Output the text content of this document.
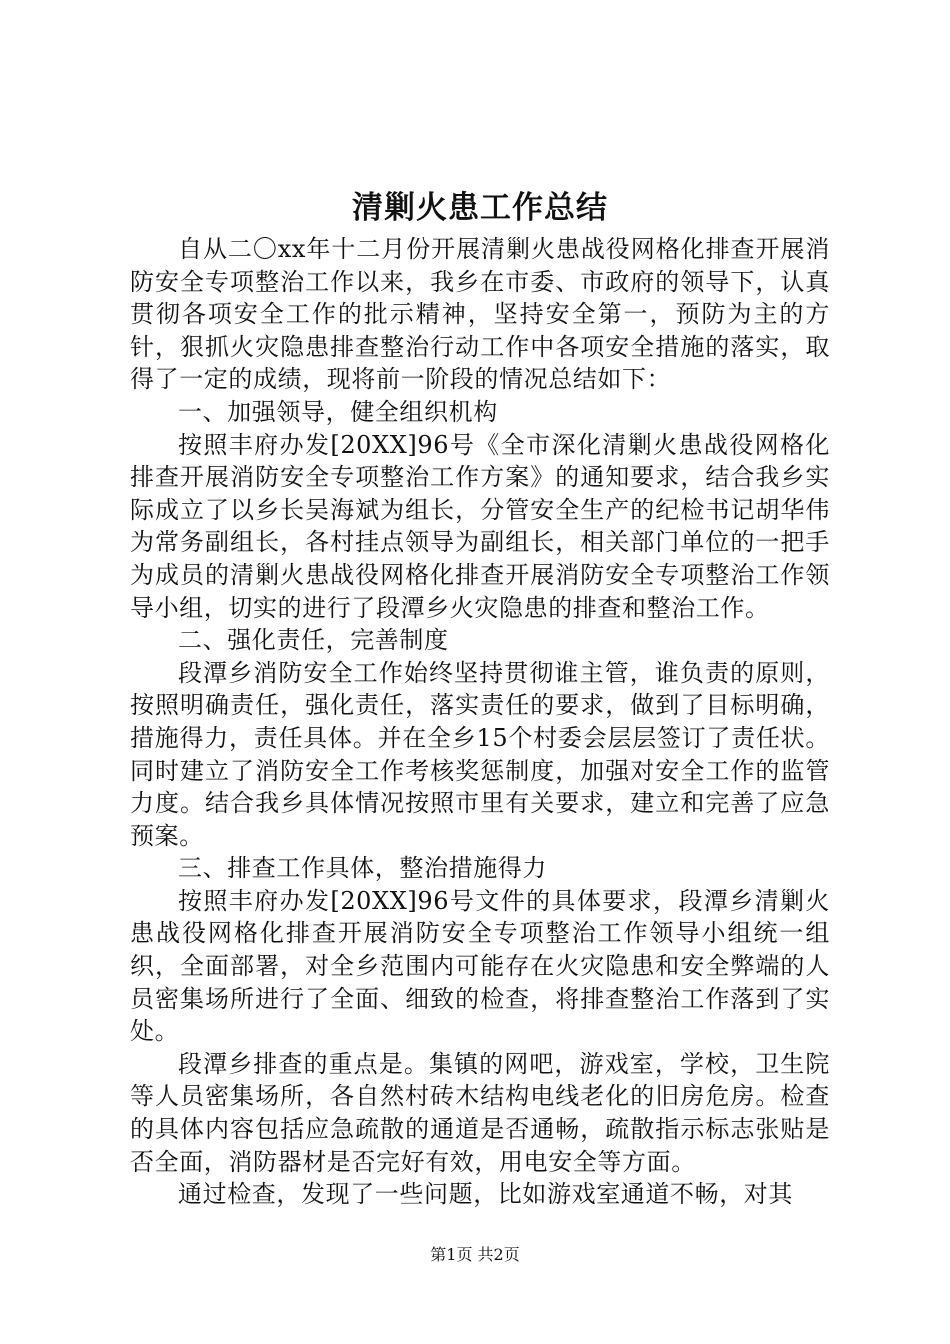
清剿火患工作总结

自从二〇xx年十二月份开展清剿火患战役网格化排查开展消防安全专项整治工作以来，我乡在市委、市政府的领导下，认真贯彻各项安全工作的批示精神，坚持安全第一，预防为主的方针，狠抓火灾隐患排查整治行动工作中各项安全措施的落实，取得了一定的成绩，现将前一阶段的情况总结如下：

一、加强领导，健全组织机构

按照丰府办发[20XX]96号《全市深化清剿火患战役网格化排查开展消防安全专项整治工作方案》的通知要求，结合我乡实际成立了以乡长吴海斌为组长，分管安全生产的纪检书记胡华伟为常务副组长，各村挂点领导为副组长，相关部门单位的一把手为成员的清剿火患战役网格化排查开展消防安全专项整治工作领导小组，切实的进行了段潭乡火灾隐患的排查和整治工作。

二、强化责任，完善制度

段潭乡消防安全工作始终坚持贯彻谁主管，谁负责的原则，按照明确责任，强化责任，落实责任的要求，做到了目标明确，措施得力，责任具体。并在全乡15个村委会层层签订了责任状。同时建立了消防安全工作考核奖惩制度，加强对安全工作的监管力度。结合我乡具体情况按照市里有关要求，建立和完善了应急预案。

三、排查工作具体，整治措施得力

按照丰府办发[20XX]96号文件的具体要求，段潭乡清剿火患战役网格化排查开展消防安全专项整治工作领导小组统一组织，全面部署，对全乡范围内可能存在火灾隐患和安全弊端的人员密集场所进行了全面、细致的检查，将排查整治工作落到了实处。

段潭乡排查的重点是。集镇的网吧，游戏室，学校，卫生院等人员密集场所，各自然村砖木结构电线老化的旧房危房。检查的具体内容包括应急疏散的通道是否通畅，疏散指示标志张贴是否全面，消防器材是否完好有效，用电安全等方面。

通过检查，发现了一些问题，比如游戏室通道不畅，对其

第1页 共2页
